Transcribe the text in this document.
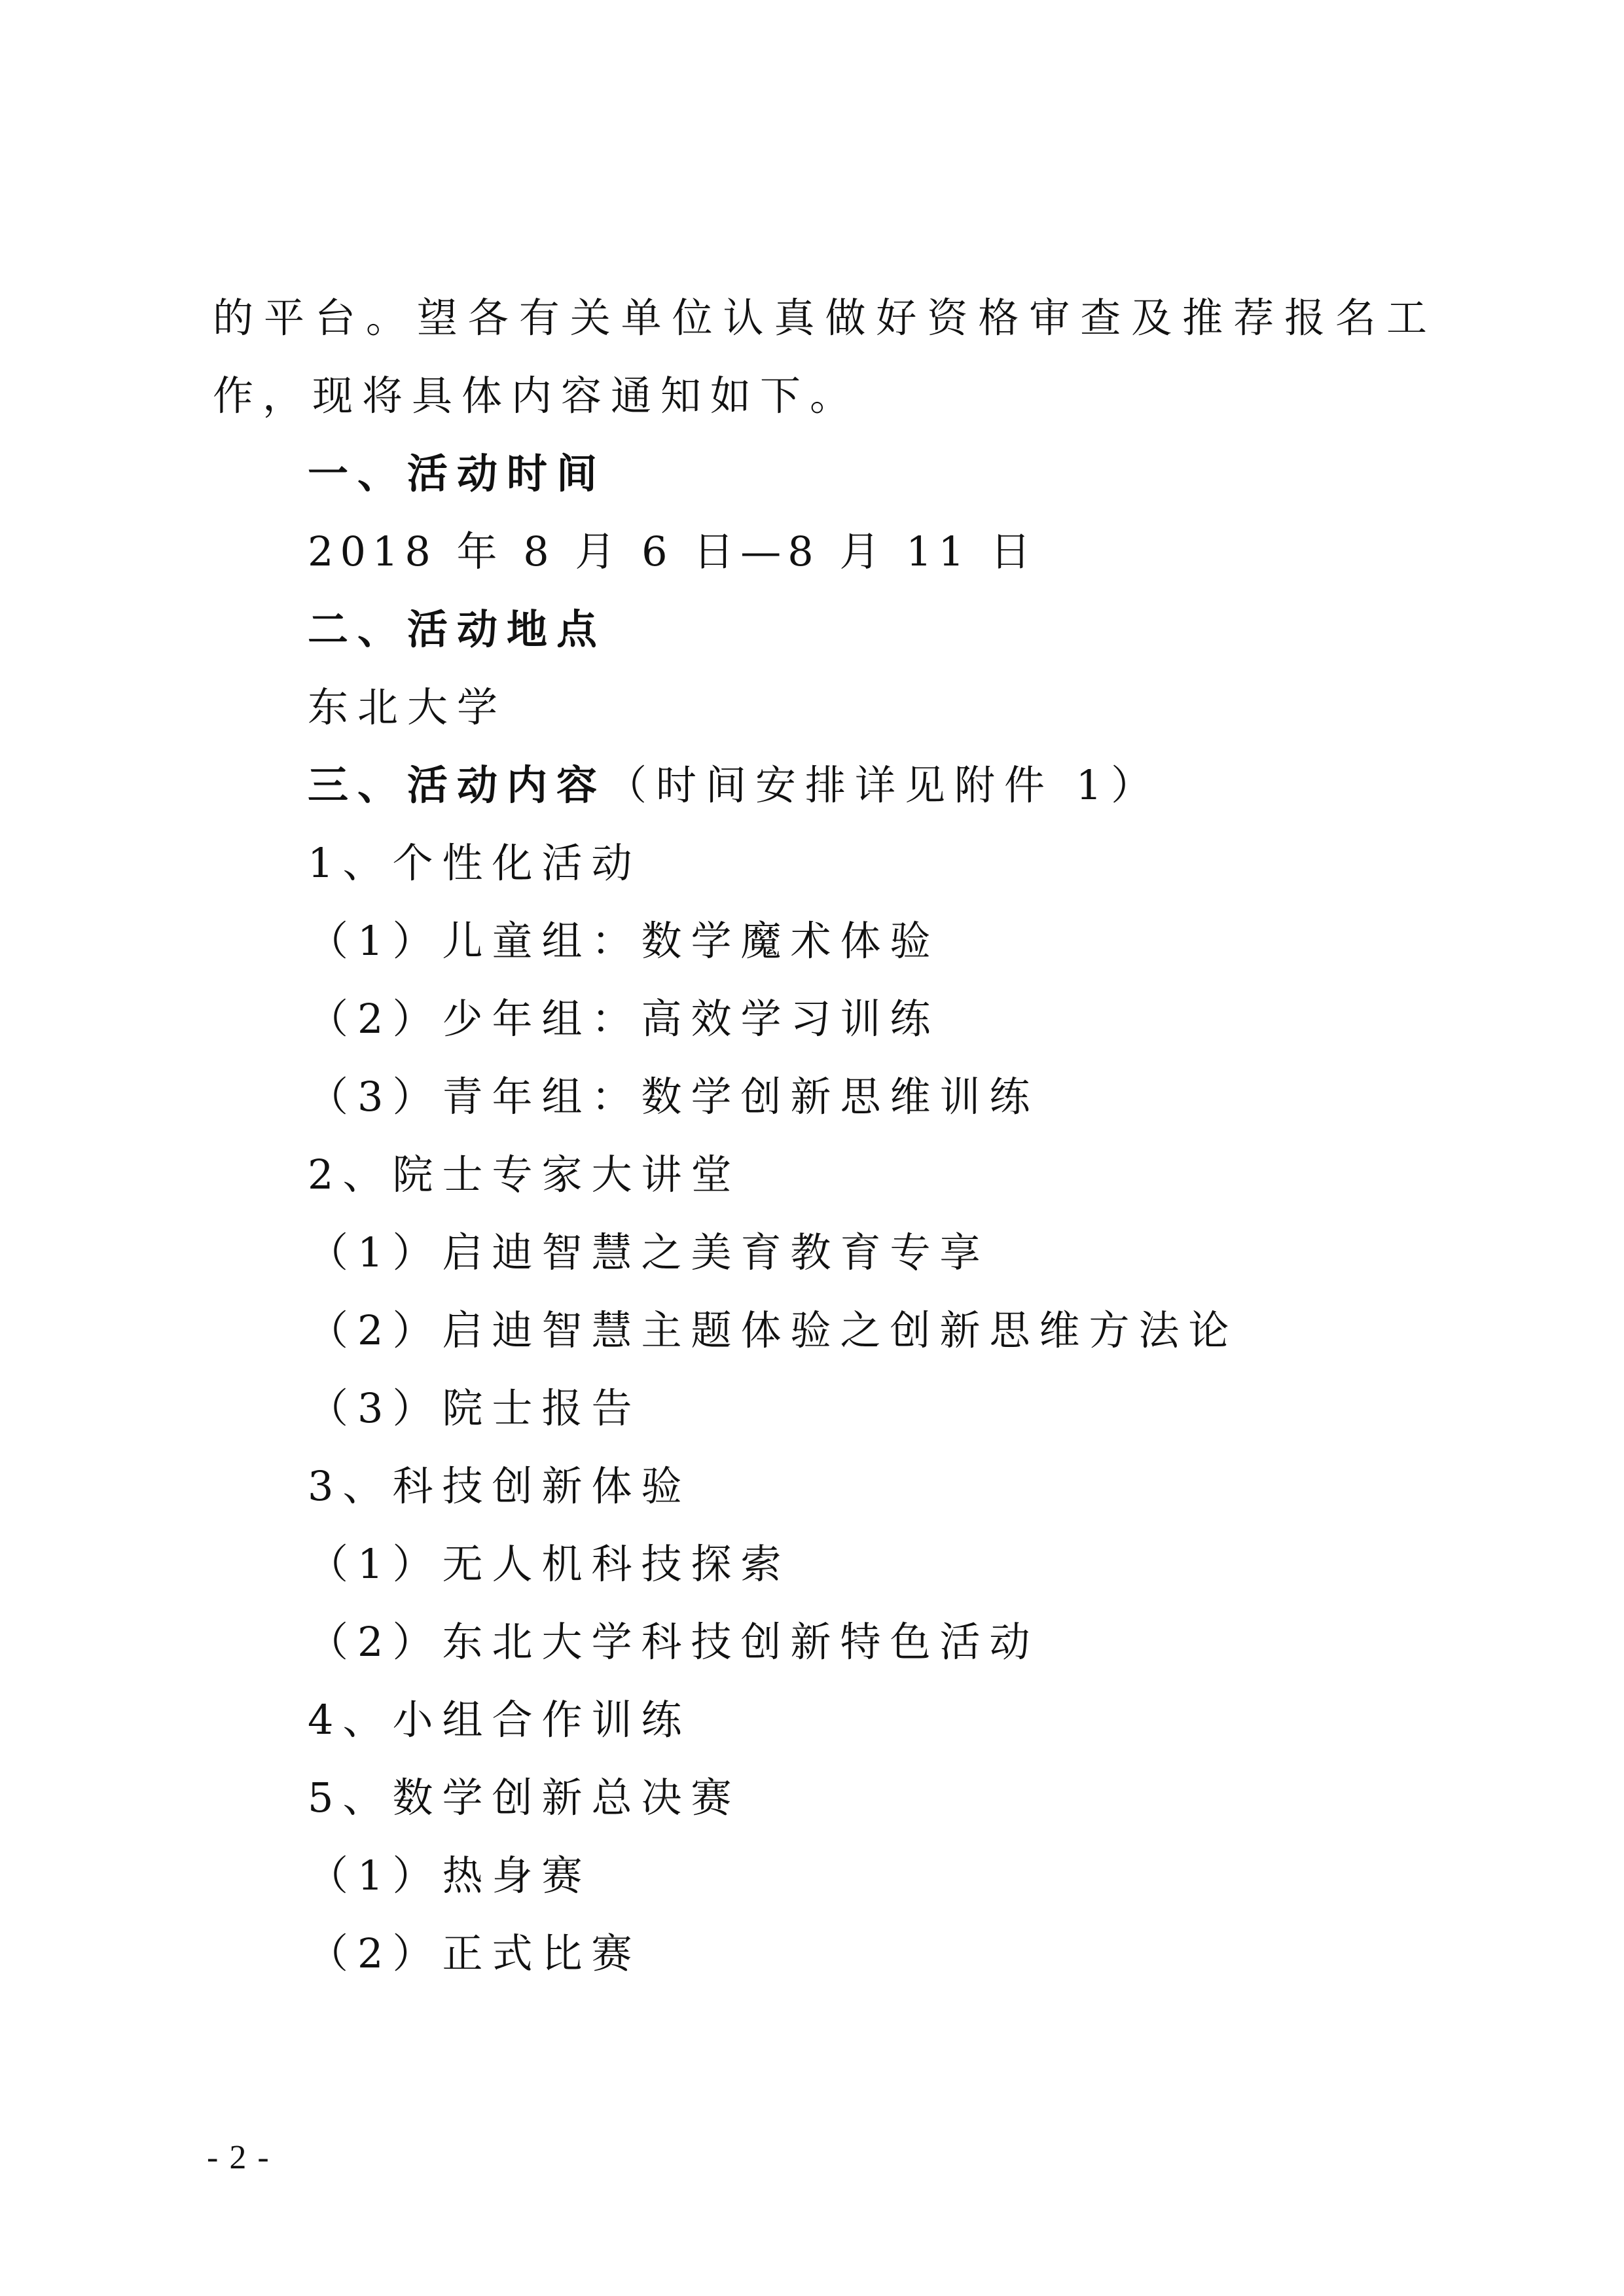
的平台。望各有关单位认真做好资格审查及推荐报名工
作，现将具体内容通知如下。
一、活动时间
2018 年 8 月 6 日—8 月 11 日
二、活动地点
东北大学
三、活动内容（时间安排详见附件 1）
1、个性化活动
（1）儿童组：数学魔术体验
（2）少年组：高效学习训练
（3）青年组：数学创新思维训练
2、院士专家大讲堂
（1）启迪智慧之美育教育专享
（2）启迪智慧主题体验之创新思维方法论
（3）院士报告
3、科技创新体验
（1）无人机科技探索
（2）东北大学科技创新特色活动
4、小组合作训练
5、数学创新总决赛
（1）热身赛
（2）正式比赛
- 2 -
